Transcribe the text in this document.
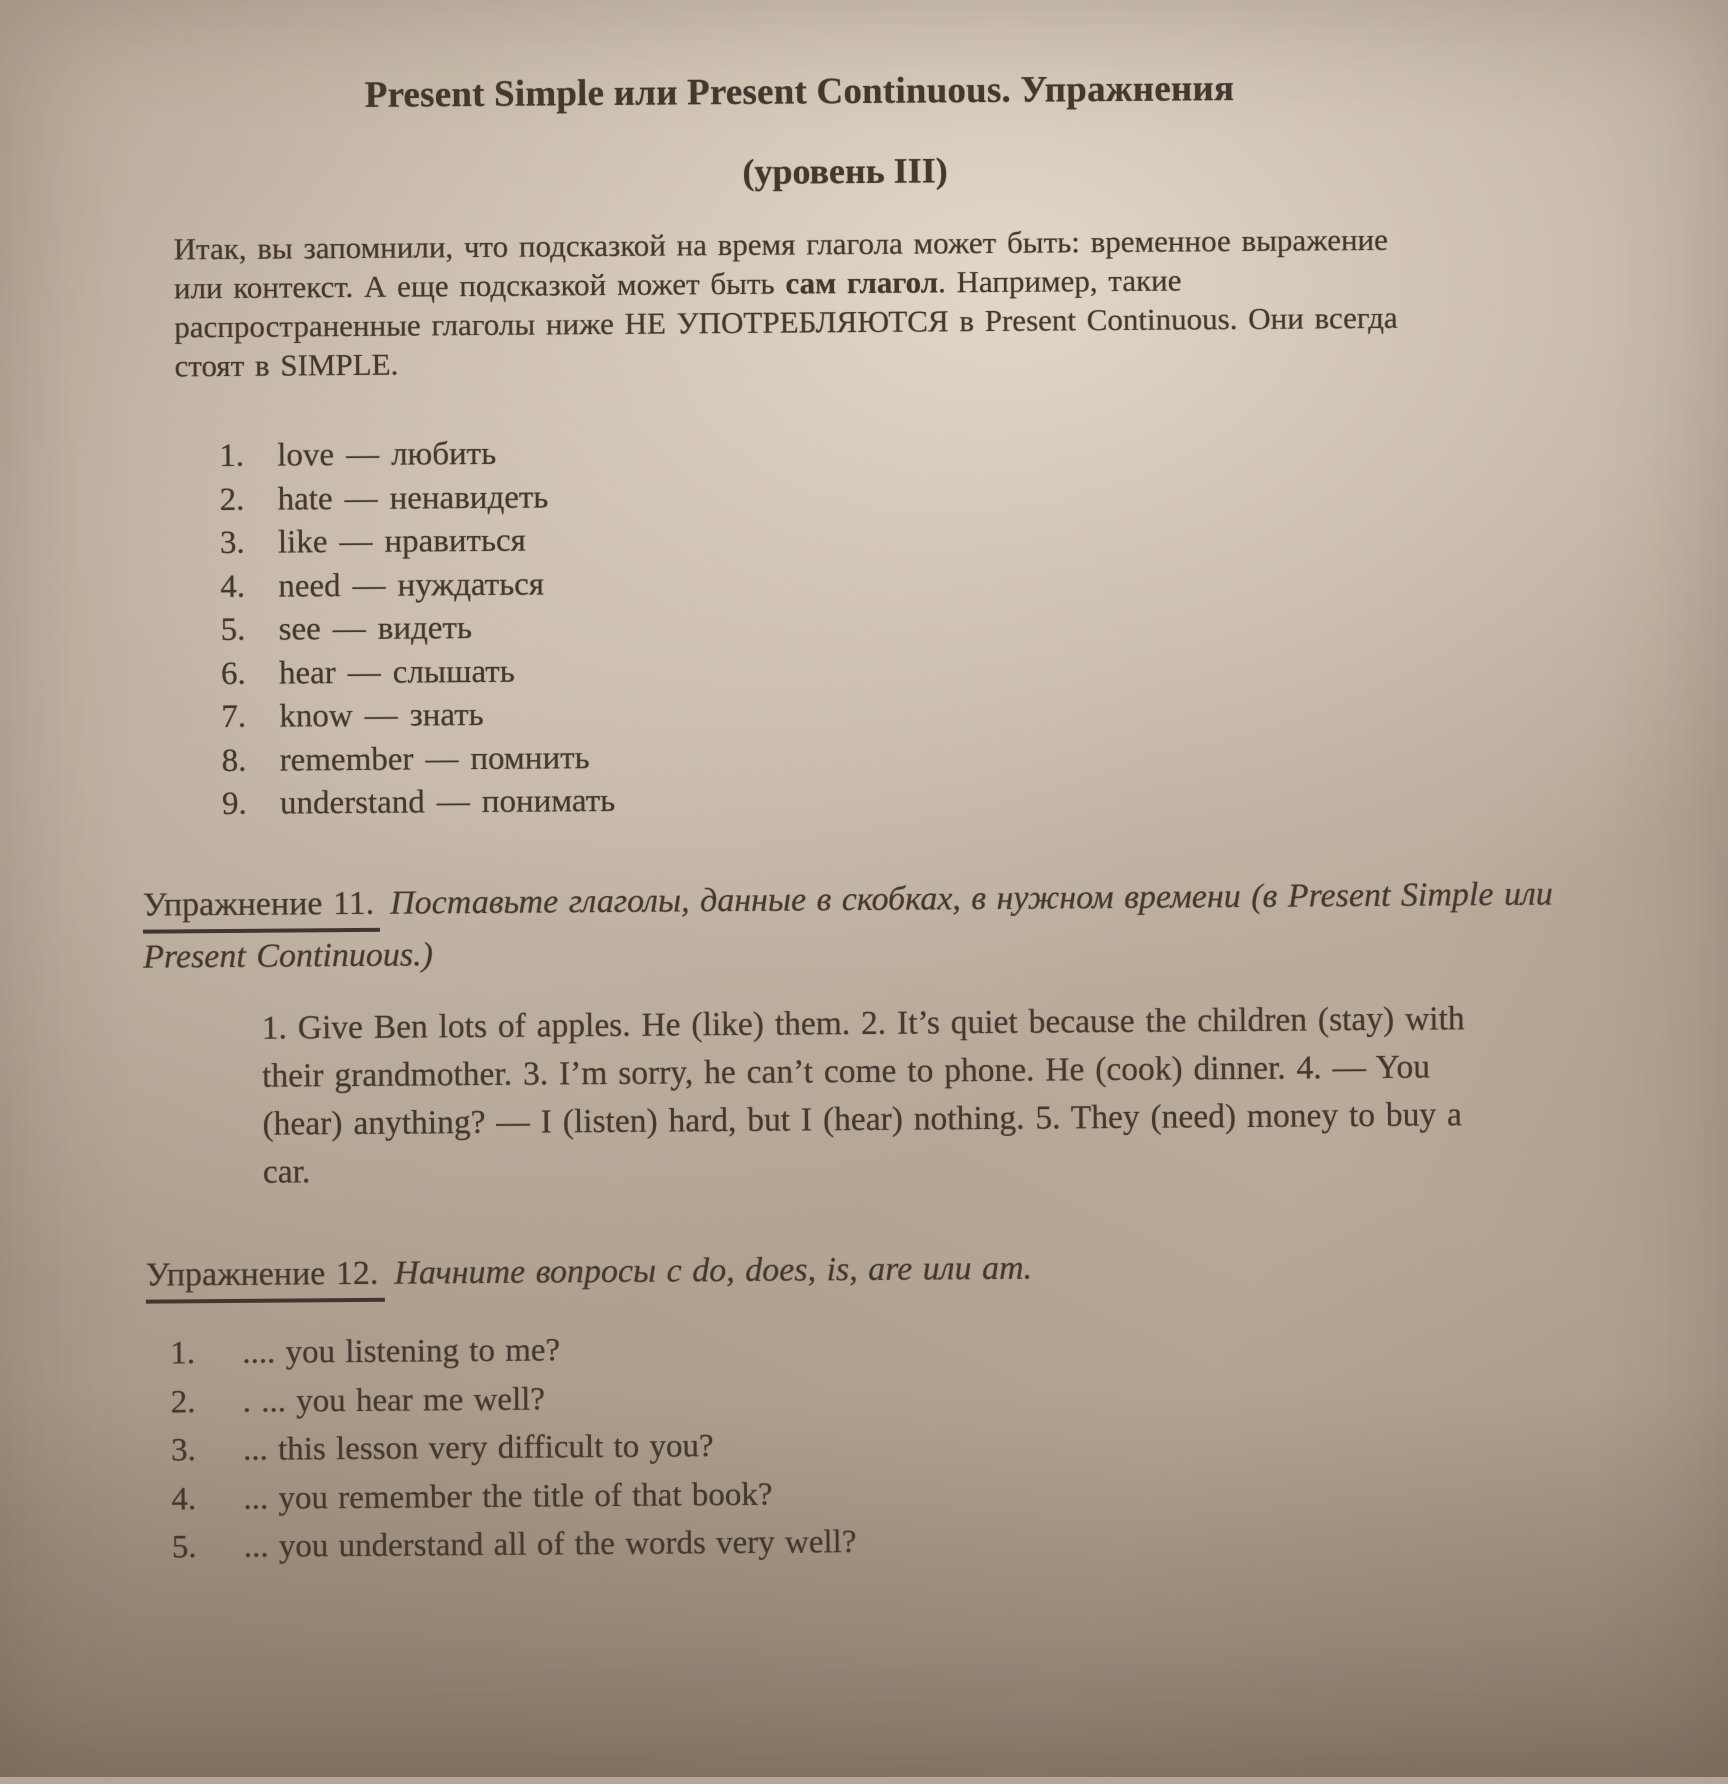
Present Simple или Present Continuous. Упражнения
(уровень III)
Итак, вы запомнили, что подсказкой на время глагола может быть: временное выражение
или контекст. А еще подсказкой может быть сам глагол. Например, такие
распространенные глаголы ниже НЕ УПОТРЕБЛЯЮТСЯ в Present Continuous. Они всегда
стоят в SIMPLE.
1. love — любить
2. hate — ненавидеть
3. like — нравиться
4. need — нуждаться
5. see — видеть
6. hear — слышать
7. know — знать
8. remember — помнить
9. understand — понимать
Упражнение 11. Поставьте глаголы, данные в скобках, в нужном времени (в Present Simple или Present Continuous.)
1. Give Ben lots of apples. He (like) them. 2. It’s quiet because the children (stay) with
their grandmother. 3. I’m sorry, he can’t come to phone. He (cook) dinner. 4. — You
(hear) anything? — I (listen) hard, but I (hear) nothing. 5. They (need) money to buy a
car.
Упражнение 12. Начните вопросы с do, does, is, are или am.
1.	.... you listening to me?
2.	. ... you hear me well?
3.	... this lesson very difficult to you?
4.	... you remember the title of that book?
5.	... you understand all of the words very well?
